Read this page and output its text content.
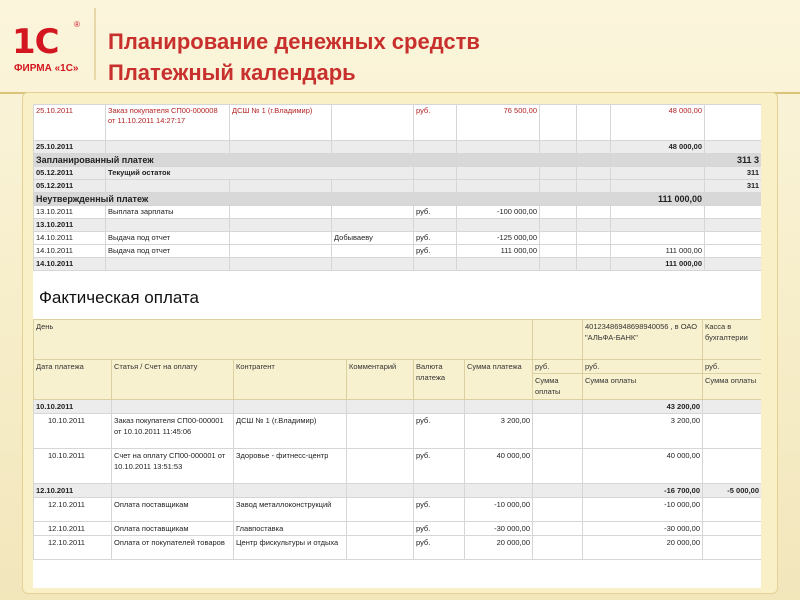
1С ®
ФИРМА «1С»
Планирование денежных средств
Платежный календарь
25.10.2011	Заказ покупателя СП00-000008 от 11.10.2011 14:27:17	ДСШ № 1 (г.Владимир)		руб.	76 500,00			48 000,00	
25.10.2011								48 000,00	
Запланированный платеж									311 3
05.12.2011	Текущий остаток								311
05.12.2011									311
Неутвержденный платеж								111 000,00	
13.10.2011	Выплата зарплаты			руб.	-100 000,00				
13.10.2011									
14.10.2011	Выдача под отчет		Добываеву	руб.	-125 000,00				
14.10.2011	Выдача под отчет			руб.	111 000,00			111 000,00	
14.10.2011								111 000,00	
Фактическая оплата
День							40123486948698940056 , в ОАО "АЛЬФА-БАНК"	Касса в бухгалтерии
Дата платежа	Статья / Счет на оплату	Контрагент	Комментарий	Валюта платежа	Сумма платежа	руб.	руб.	руб.
						Сумма оплаты	Сумма оплаты	Сумма оплаты
10.10.2011							43 200,00	
10.10.2011	Заказ покупателя СП00-000001 от 10.10.2011 11:45:06	ДСШ № 1 (г.Владимир)		руб.	3 200,00		3 200,00	
10.10.2011	Счет на оплату СП00-000001 от 10.10.2011 13:51:53	Здоровье - фитнесс-центр		руб.	40 000,00		40 000,00	
12.10.2011							-16 700,00	-5 000,00
12.10.2011	Оплата поставщикам	Завод металлоконструкций		руб.	-10 000,00		-10 000,00	
12.10.2011	Оплата поставщикам	Главпоставка		руб.	-30 000,00		-30 000,00	
12.10.2011	Оплата от покупателей товаров	Центр фискультуры и отдыха		руб.	20 000,00		20 000,00	
